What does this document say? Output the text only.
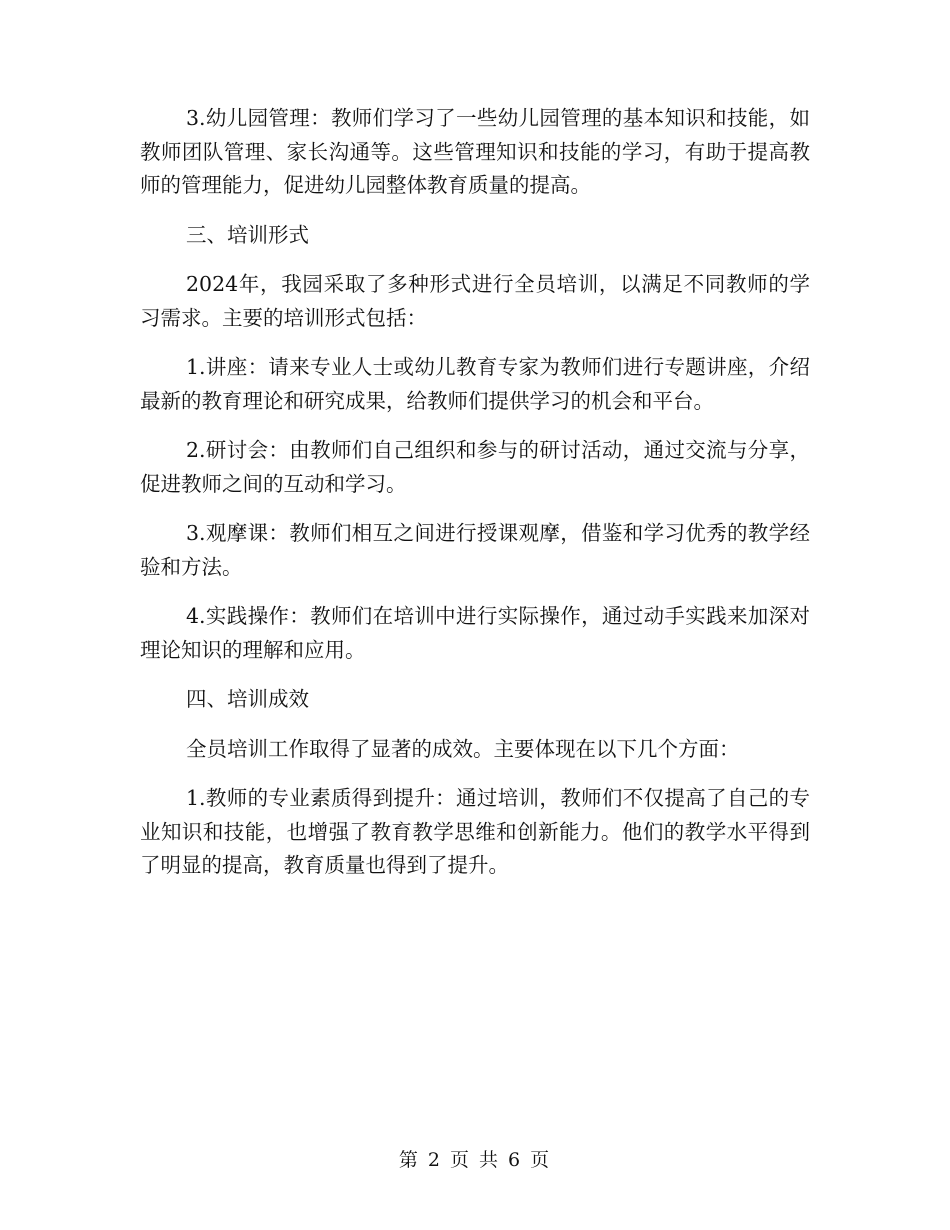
3.幼儿园管理：教师们学习了一些幼儿园管理的基本知识和技能，如教师团队管理、家长沟通等。这些管理知识和技能的学习，有助于提高教师的管理能力，促进幼儿园整体教育质量的提高。

三、培训形式

2024年，我园采取了多种形式进行全员培训，以满足不同教师的学习需求。主要的培训形式包括：

1.讲座：请来专业人士或幼儿教育专家为教师们进行专题讲座，介绍最新的教育理论和研究成果，给教师们提供学习的机会和平台。

2.研讨会：由教师们自己组织和参与的研讨活动，通过交流与分享，促进教师之间的互动和学习。

3.观摩课：教师们相互之间进行授课观摩，借鉴和学习优秀的教学经验和方法。

4.实践操作：教师们在培训中进行实际操作，通过动手实践来加深对理论知识的理解和应用。

四、培训成效

全员培训工作取得了显著的成效。主要体现在以下几个方面：

1.教师的专业素质得到提升：通过培训，教师们不仅提高了自己的专业知识和技能，也增强了教育教学思维和创新能力。他们的教学水平得到了明显的提高，教育质量也得到了提升。

第 2 页 共 6 页
